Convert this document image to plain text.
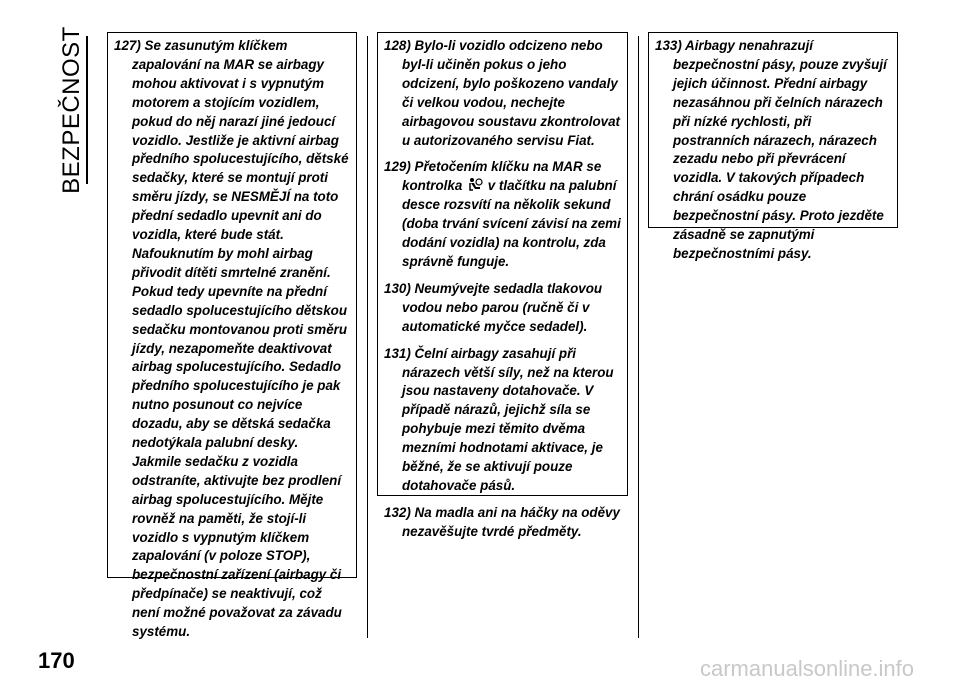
BEZPEČNOST 127) Se zasunutým klíčkem zapalování na MAR se airbagy mohou aktivovat i s vypnutým motorem a stojícím vozidlem, pokud do něj narazí jiné jedoucí vozidlo. Jestliže je aktivní airbag předního spolucestujícího, dětské sedačky, které se montují proti směru jízdy, se NESMĚJÍ na toto přední sedadlo upevnit ani do vozidla, které bude stát. Nafouknutím by mohl airbag přivodit dítěti smrtelné zranění. Pokud tedy upevníte na přední sedadlo spolucestujícího dětskou sedačku montovanou proti směru jízdy, nezapomeňte deaktivovat airbag spolucestujícího. Sedadlo předního spolucestujícího je pak nutno posunout co nejvíce dozadu, aby se dětská sedačka nedotýkala palubní desky. Jakmile sedačku z vozidla odstraníte, aktivujte bez prodlení airbag spolucestujícího. Mějte rovněž na paměti, že stojí-li vozidlo s vypnutým klíčkem zapalování (v poloze STOP), bezpečnostní zařízení (airbagy či předpínače) se neaktivují, což není možné považovat za závadu systému.

128) Bylo-li vozidlo odcizeno nebo byl-li učiněn pokus o jeho odcizení, bylo poškozeno vandaly či velkou vodou, nechejte airbagovou soustavu zkontrolovat u autorizovaného servisu Fiat.

129) Přetočením klíčku na MAR se kontrolka  v tlačítku na palubní desce rozsvítí na několik sekund (doba trvání svícení závisí na zemi dodání vozidla) na kontrolu, zda správně funguje.

130) Neumývejte sedadla tlakovou vodou nebo parou (ručně či v automatické myčce sedadel).

131) Čelní airbagy zasahují při nárazech větší síly, než na kterou jsou nastaveny dotahovače. V případě nárazů, jejichž síla se pohybuje mezi těmito dvěma mezními hodnotami aktivace, je běžné, že se aktivují pouze dotahovače pásů.

132) Na madla ani na háčky na oděvy nezavěšujte tvrdé předměty.

133) Airbagy nenahrazují bezpečnostní pásy, pouze zvyšují jejich účinnost. Přední airbagy nezasáhnou při čelních nárazech při nízké rychlosti, při postranních nárazech, nárazech zezadu nebo při převrácení vozidla. V takových případech chrání osádku pouze bezpečnostní pásy. Proto jezděte zásadně se zapnutými bezpečnostními pásy.

170	carmanualsonline.info
